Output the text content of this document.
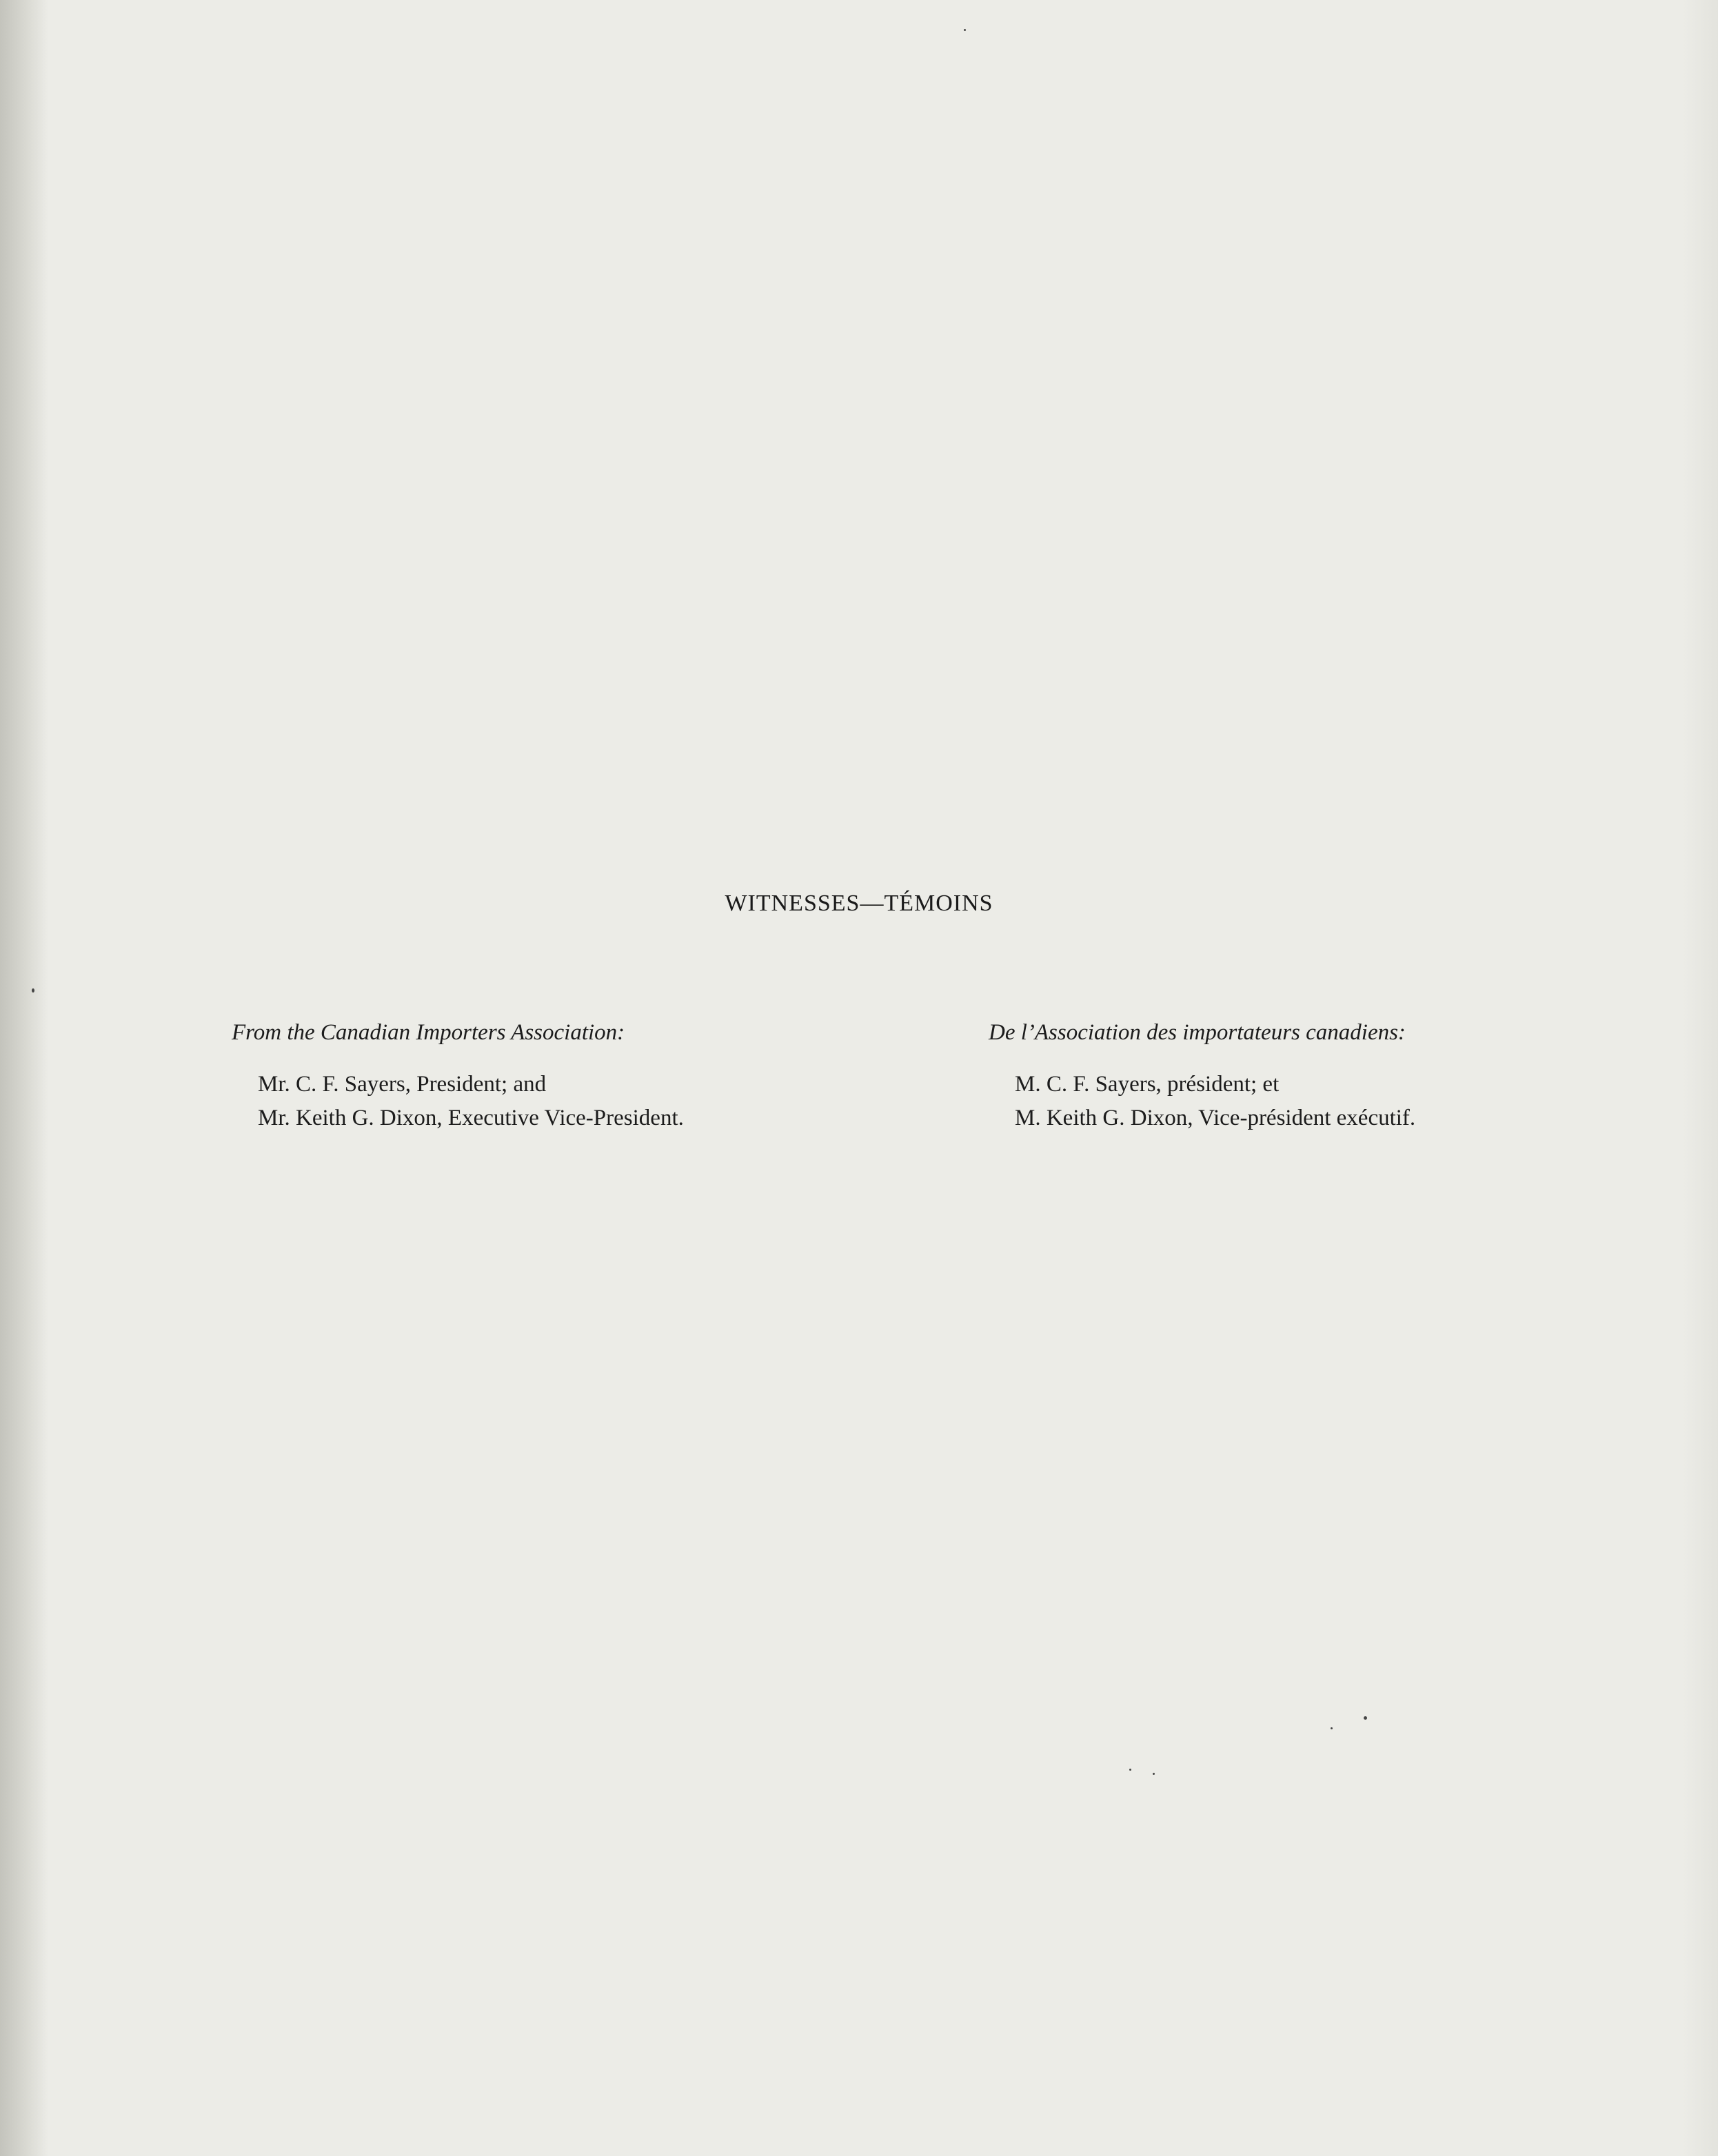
WITNESSES—TÉMOINS

From the Canadian Importers Association:

Mr. C. F. Sayers, President; and

Mr. Keith G. Dixon, Executive Vice-President.

De l’Association des importateurs canadiens:

M. C. F. Sayers, président; et

M. Keith G. Dixon, Vice-président exécutif.
